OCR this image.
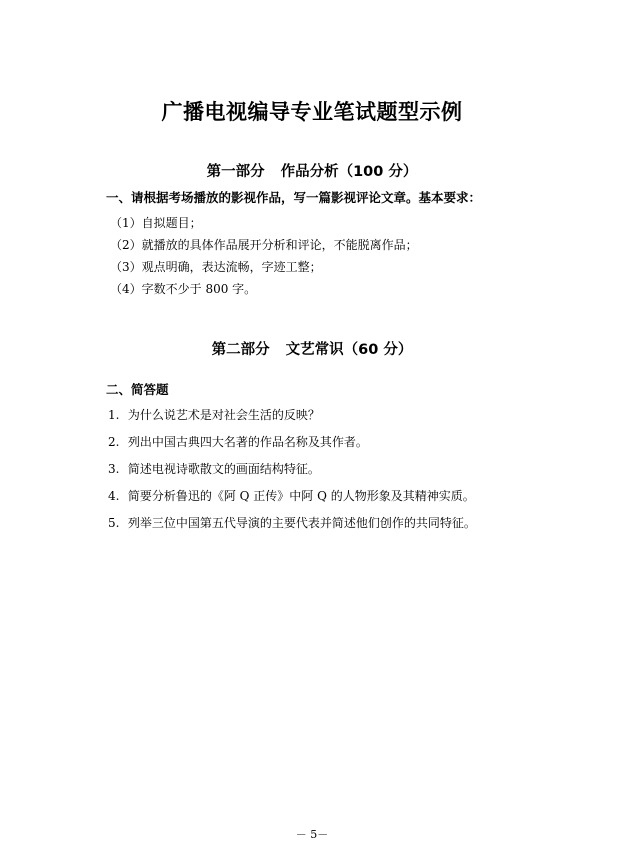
广播电视编导专业笔试题型示例
第一部分 作品分析（100 分）
一、请根据考场播放的影视作品，写一篇影视评论文章。基本要求：
（1）自拟题目；
（2）就播放的具体作品展开分析和评论，不能脱离作品；
（3）观点明确，表达流畅，字迹工整；
（4）字数不少于 800 字。
第二部分 文艺常识（60 分）
二、简答题
1. 为什么说艺术是对社会生活的反映？
2. 列出中国古典四大名著的作品名称及其作者。
3. 简述电视诗歌散文的画面结构特征。
4. 简要分析鲁迅的《阿 Q 正传》中阿 Q 的人物形象及其精神实质。
5. 列举三位中国第五代导演的主要代表并简述他们创作的共同特征。
－ 5－
